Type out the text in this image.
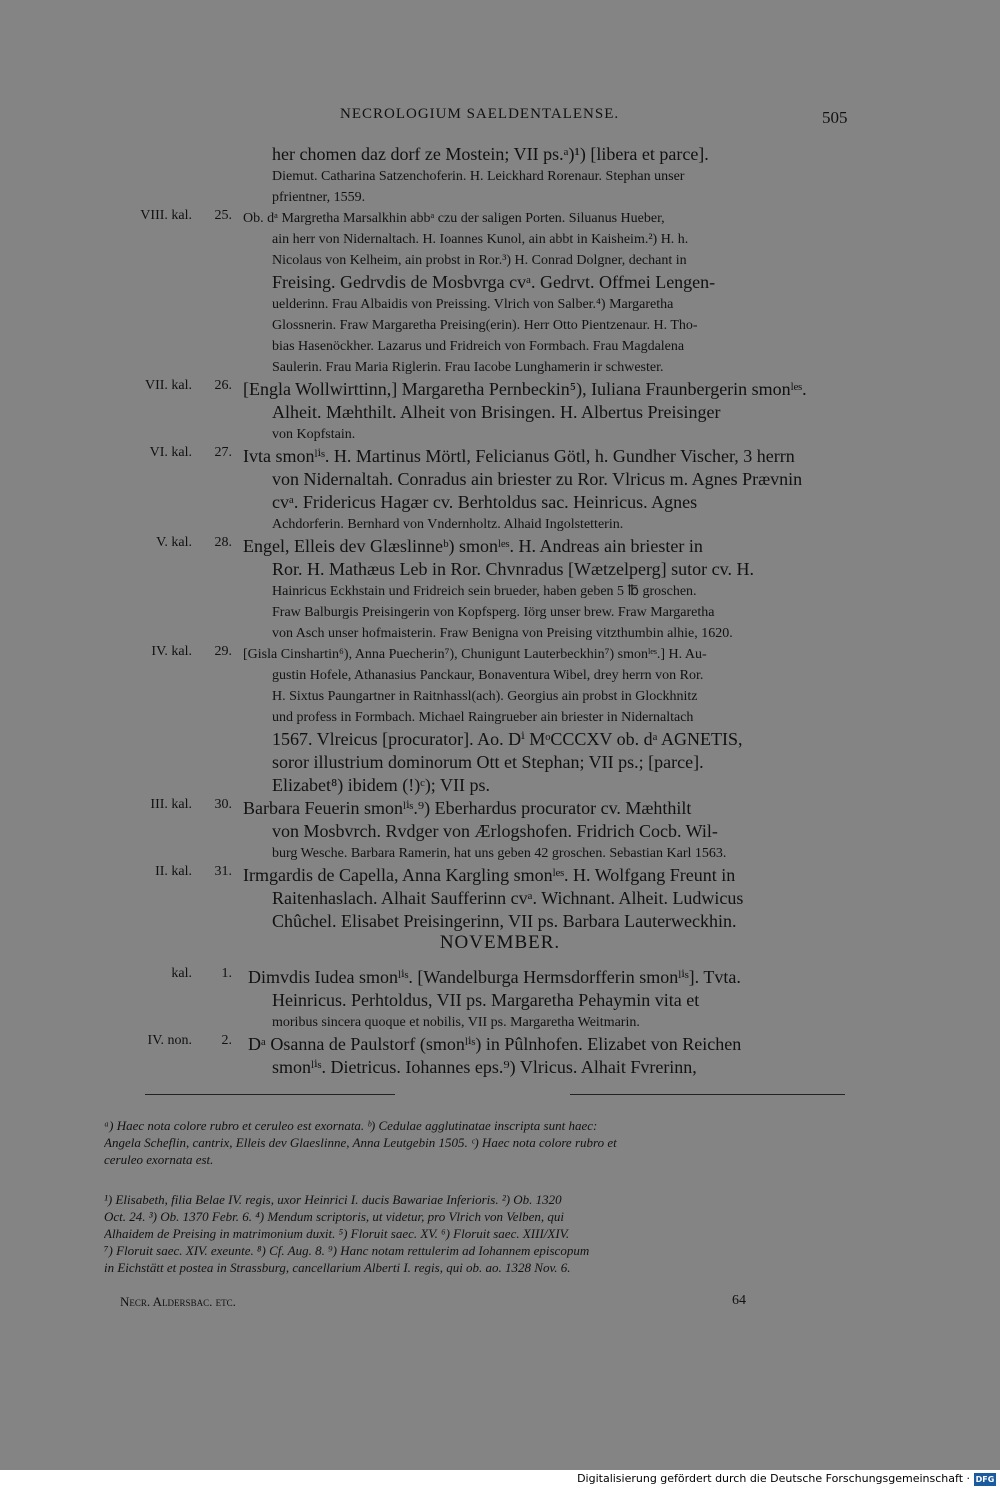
NECROLOGIUM SAELDENTALENSE.	505
her chomen daz dorf ze Mostein; VII ps.ᵃ)¹) [libera et parce].
Diemut. Catharina Satzenchoferin. H. Leickhard Rorenaur. Stephan unser
pfrientner, 1559.
VIII. kal.	25. Ob. dᵃ Margretha Marsalkhin abbᵃ czu der saligen Porten. Siluanus Hueber,
ain herr von Nidernaltach. H. Ioannes Kunol, ain abbt in Kaisheim.²) H. h.
Nicolaus von Kelheim, ain probst in Ror.³) H. Conrad Dolgner, dechant in
Freising. Gedrvdis de Mosbvrga cvᵃ. Gedrvt. Offmei Lengen-
uelderinn. Frau Albaidis von Preissing. Vlrich von Salber.⁴) Margaretha
Glossnerin. Fraw Margaretha Preising(erin). Herr Otto Pientzenaur. H. Tho-
bias Hasenöckher. Lazarus und Fridreich von Formbach. Frau Magdalena
Saulerin. Frau Maria Riglerin. Frau Iacobe Lunghamerin ir schwester.
VII. kal.	26. [Engla Wollwirttinn,] Margaretha Pernbeckin⁵), Iuliana Fraunbergerin smonˡᵉˢ.
Alheit. Mæhthilt. Alheit von Brisingen. H. Albertus Preisinger
von Kopfstain.
VI. kal.	27. Ivta smonˡⁱˢ. H. Martinus Mörtl, Felicianus Götl, h. Gundher Vischer, 3 herrn
von Nidernaltah. Conradus ain briester zu Ror. Vlricus m. Agnes Prævnin
cvᵃ. Fridericus Hagær cv. Berhtoldus sac. Heinricus. Agnes
Achdorferin. Bernhard von Vndernholtz. Alhaid Ingolstetterin.
V. kal.	28. Engel, Elleis dev Glæslinneᵇ) smonˡᵉˢ. H. Andreas ain briester in
Ror. H. Mathæus Leb in Ror. Chvnradus [Wætzelperg] sutor cv. H.
Hainricus Eckhstain und Fridreich sein brueder, haben geben 5 ℔ groschen.
Fraw Balburgis Preisingerin von Kopfsperg. Iörg unser brew. Fraw Margaretha
von Asch unser hofmaisterin. Fraw Benigna von Preising vitzthumbin alhie, 1620.
IV. kal.	29. [Gisla Cinshartin⁶), Anna Puecherin⁷), Chunigunt Lauterbeckhin⁷) smonˡᵉˢ.] H. Au-
gustin Hofele, Athanasius Panckaur, Bonaventura Wibel, drey herrn von Ror.
H. Sixtus Paungartner in Raitnhassl(ach). Georgius ain probst in Glockhnitz
und profess in Formbach. Michael Raingrueber ain briester in Nidernaltach
1567. Vlreicus [procurator]. Ao. Dⁱ MᵒCCCXV ob. dᵃ AGNETIS,
soror illustrium dominorum Ott et Stephan; VII ps.; [parce].
Elizabet⁸) ibidem (!)ᶜ); VII ps.
III. kal.	30. Barbara Feuerin smonˡⁱˢ.⁹) Eberhardus procurator cv. Mæhthilt
von Mosbvrch. Rvdger von Ærlogshofen. Fridrich Cocb. Wil-
burg Wesche. Barbara Ramerin, hat uns geben 42 groschen. Sebastian Karl 1563.
II. kal.	31. Irmgardis de Capella, Anna Kargling smonˡᵉˢ. H. Wolfgang Freunt in
Raitenhaslach. Alhait Saufferinn cvᵃ. Wichnant. Alheit. Ludwicus
Chûchel. Elisabet Preisingerinn, VII ps. Barbara Lauterweckhin.
NOVEMBER.
kal.	1. Dimvdis Iudea smonˡⁱˢ. [Wandelburga Hermsdorfferin smonˡⁱˢ]. Tvta.
Heinricus. Perhtoldus, VII ps. Margaretha Pehaymin vita et
moribus sincera quoque et nobilis, VII ps. Margaretha Weitmarin.
IV. non.	2. Dᵃ Osanna de Paulstorf (smonˡⁱˢ) in Pûlnhofen. Elizabet von Reichen
smonˡⁱˢ. Dietricus. Iohannes eps.⁹) Vlricus. Alhait Fvrerinn,
ᵃ) Haec nota colore rubro et ceruleo est exornata. ᵇ) Cedulae agglutinatae inscripta sunt haec:
Angela Scheflin, cantrix, Elleis dev Glaeslinne, Anna Leutgebin 1505. ᶜ) Haec nota colore rubro et
ceruleo exornata est.
¹) Elisabeth, filia Belae IV. regis, uxor Heinrici I. ducis Bawariae Inferioris. ²) Ob. 1320
Oct. 24. ³) Ob. 1370 Febr. 6. ⁴) Mendum scriptoris, ut videtur, pro Vlrich von Velben, qui
Alhaidem de Preising in matrimonium duxit. ⁵) Floruit saec. XV. ⁶) Floruit saec. XIII/XIV.
⁷) Floruit saec. XIV. exeunte. ⁸) Cf. Aug. 8. ⁹) Hanc notam rettulerim ad Iohannem episcopum
in Eichstätt et postea in Strassburg, cancellarium Alberti I. regis, qui ob. ao. 1328 Nov. 6.
Necr. Aldersbac. etc.	64
Digitalisierung gefördert durch die Deutsche Forschungsgemeinschaft · DFG
